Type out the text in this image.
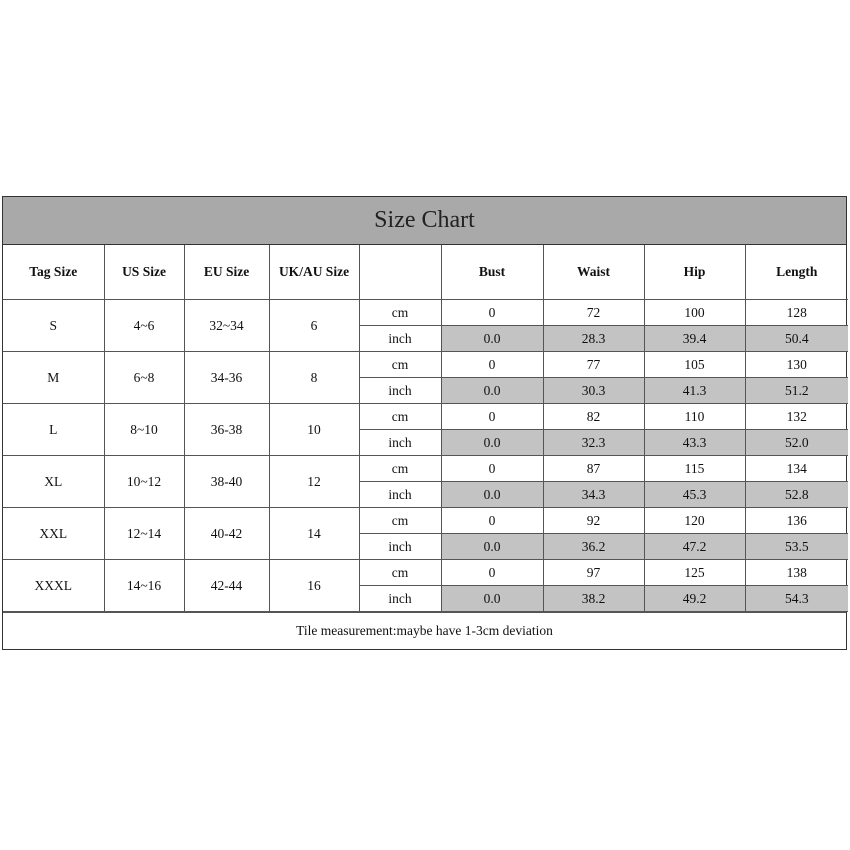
Size Chart
Tag Size	US Size	EU Size	UK/AU Size		Bust	Waist	Hip	Length
S	4~6	32~34	6	cm	0	72	100	128
				inch	0.0	28.3	39.4	50.4
M	6~8	34-36	8	cm	0	77	105	130
				inch	0.0	30.3	41.3	51.2
L	8~10	36-38	10	cm	0	82	110	132
				inch	0.0	32.3	43.3	52.0
XL	10~12	38-40	12	cm	0	87	115	134
				inch	0.0	34.3	45.3	52.8
XXL	12~14	40-42	14	cm	0	92	120	136
				inch	0.0	36.2	47.2	53.5
XXXL	14~16	42-44	16	cm	0	97	125	138
				inch	0.0	38.2	49.2	54.3
Tile measurement:maybe have 1-3cm deviation
